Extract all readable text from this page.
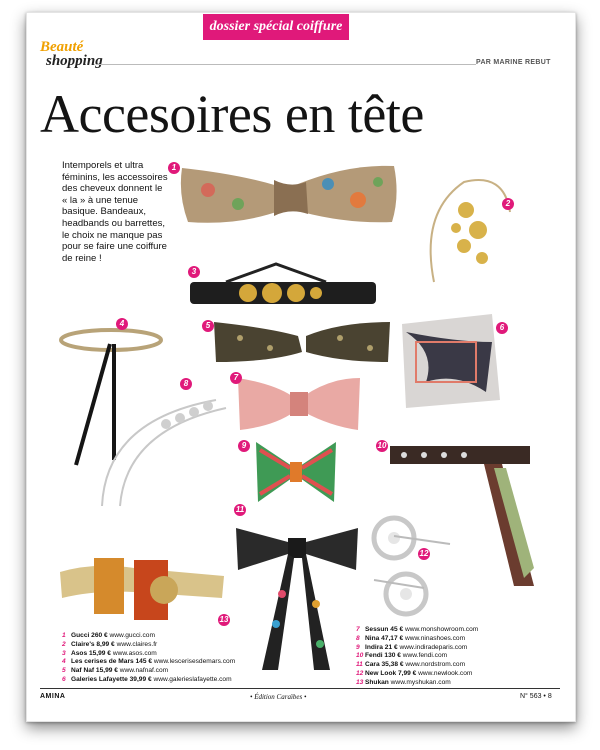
dossier spécial coiffure
Beauté
shopping	PAR MARINE REBUT
Accesoires en tête
Intemporels et ultra féminins, les accessoires des cheveux donnent le « la » à une tenue basique. Bandeaux, headbands ou barrettes, le choix ne manque pas pour se faire une coiffure de reine !
1
2
3
4	5	6
7
8
9	10
11
12
13
1 Gucci 260 € www.gucci.com
2 Claire's 8,99 € www.claires.fr
3 Asos 15,99 € www.asos.com
4 Les cerises de Mars 145 € www.lescerisesdemars.com
5 Naf Naf 15,99 € www.nafnaf.com
6 Galeries Lafayette 39,99 € www.galerieslafayette.com
7 Sessun 45 € www.monshowroom.com
8 Nina 47,17 € www.ninashoes.com
9 Indira 21 € www.indiradeparis.com
10 Fendi 130 € www.fendi.com
11 Cara 35,38 € www.nordstrom.com
12 New Look 7,99 € www.newlook.com
13 Shukan www.myshukan.com
AMINA	• Édition Caraïbes •	N° 563 • 8
